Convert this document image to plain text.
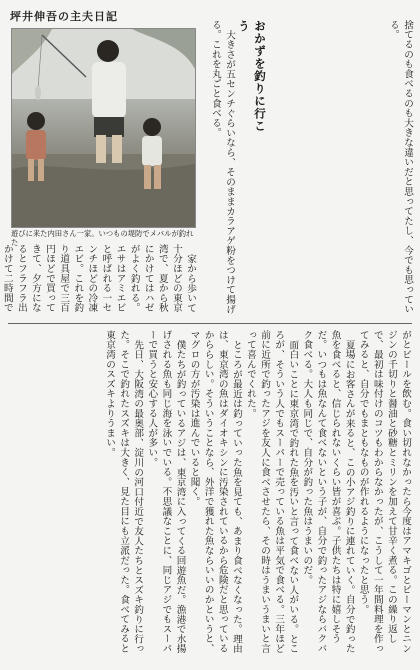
坪井伸吾の主夫日記
遊びに来た内田さん一家。いつもの堤防でメバルが釣れた
おかずを釣りに行こう	捨てるのも食べるのも大きな違いだと思ってたし、今でも思っている。

大きさが五センチぐらいなら、そのままカラアゲ粉をつけて揚げる。これを丸ごと食べる。

家から歩いて十分ほどの東京湾で、夏から秋にかけてはハゼがよく釣れる。エサはアミエビと呼ばれる一センチほどの冷凍エビ。これを釣り道具屋で三百円ほどで買ってきて、夕方になるとフラフラ出かけて二時間で

がとビールを飲む。食い切れなかったら今度はアマキゴとピーマンとニンジンの千切りと醤油と砂糖とミリンを加えて甘辛く煮る。この繰り返しで、最初は味付けのコツもわからなかったが、こうして一年間料理を作ってみると、自分でもまともなものが作れるようになったと思う。

夏場にお客さんが来ると、この小アジ釣りに連れていく。自分で釣った魚を食べると、信じられないくらい皆が喜ぶ。子供たちは特に嬉しそうだ。いつもは魚なんて食べないという子が、自分で釣ったアジならバクバク食べる。大人も同じで、自分が釣った魚はうまいのだ。

面白いことに東京湾で釣れた魚を汚いと言って食べない人がいる。ところが、そういう人でもスーパーで売っている魚は平気で食べる。三年ほど前に近所で釣ったアジを友人に食べさせたら、その時はうまいうまいと言って喜んでくれた。

ところが最近は釣っていった魚を見ても、あまり食べなくなった。理由は、東京湾の魚はダイオキシンに汚染されているから危険だと思っているかららしい。そういうことなら、外洋で獲れた魚ならいいのかというと、マグロの方が汚染は進んでいると聞く。

僕たちが釣っているアジは、東京湾に入ってくる回遊魚だ。漁港で水揚げされる魚も同じ海を泳いでいる。不思議なことに、同じアジでもスーパーで買うと安心する人が多い。

先日、大阪湾の最奥部、淀川の河口付近で友人たちとスズキ釣りに行った。そこで釣れたスズキは大きく、見た目にも立派だった。食べてみると東京湾のスズキよりうまい。
